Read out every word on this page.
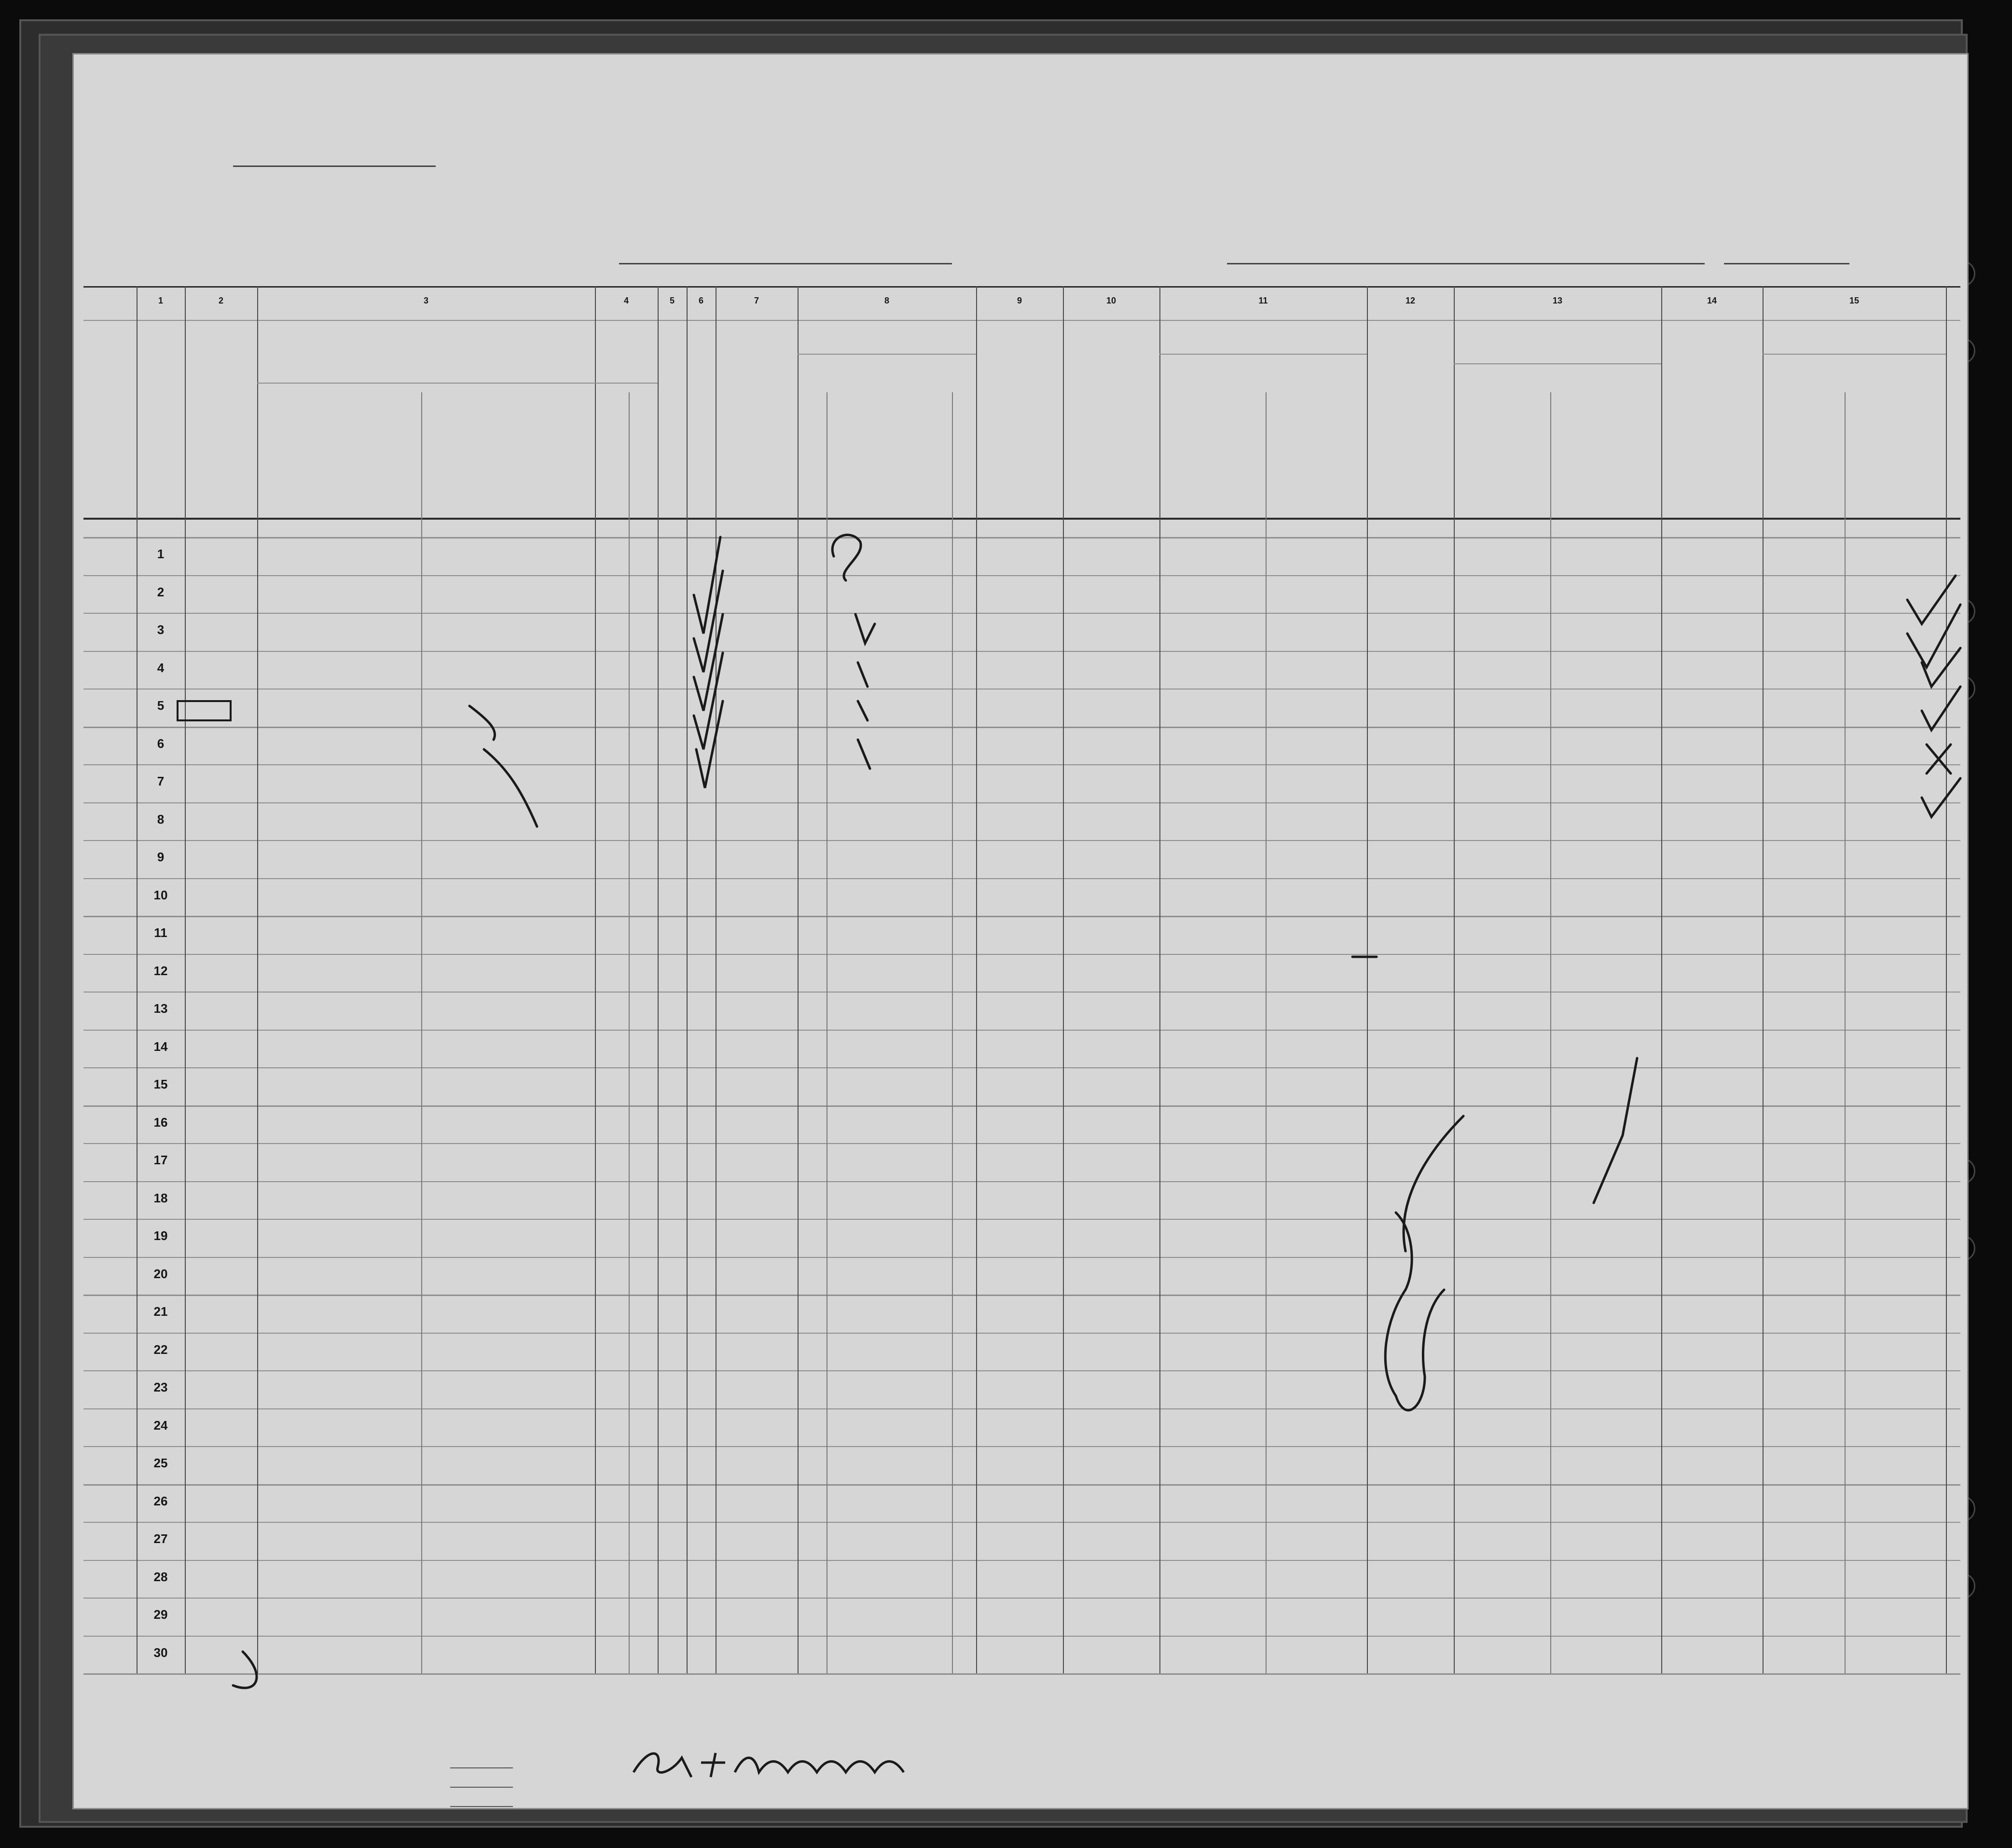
1	2	3	4	5	6	7	8	9	10	11	12	13	14	15
1
2
3
4
5
6
7
8
9
10
11
12
13
14
15
16
17
18
19
20
21
22
23
24
25
26
27
28
29
30
